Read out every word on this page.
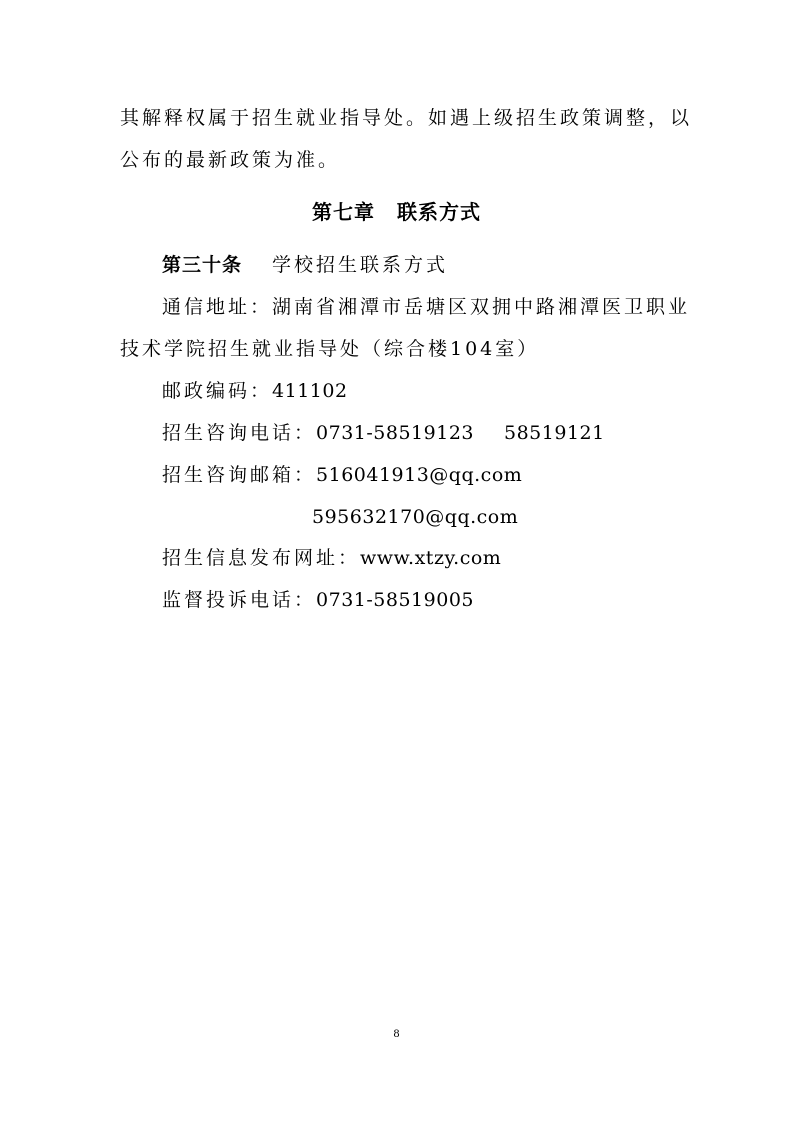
其解释权属于招生就业指导处。如遇上级招生政策调整，以
公布的最新政策为准。
第七章 联系方式
第三十条 学校招生联系方式
通信地址：湖南省湘潭市岳塘区双拥中路湘潭医卫职业
技术学院招生就业指导处（综合楼104室）
邮政编码：411102
招生咨询电话：0731-58519123 58519121
招生咨询邮箱：516041913@qq.com
595632170@qq.com
招生信息发布网址：www.xtzy.com
监督投诉电话：0731-58519005
8
